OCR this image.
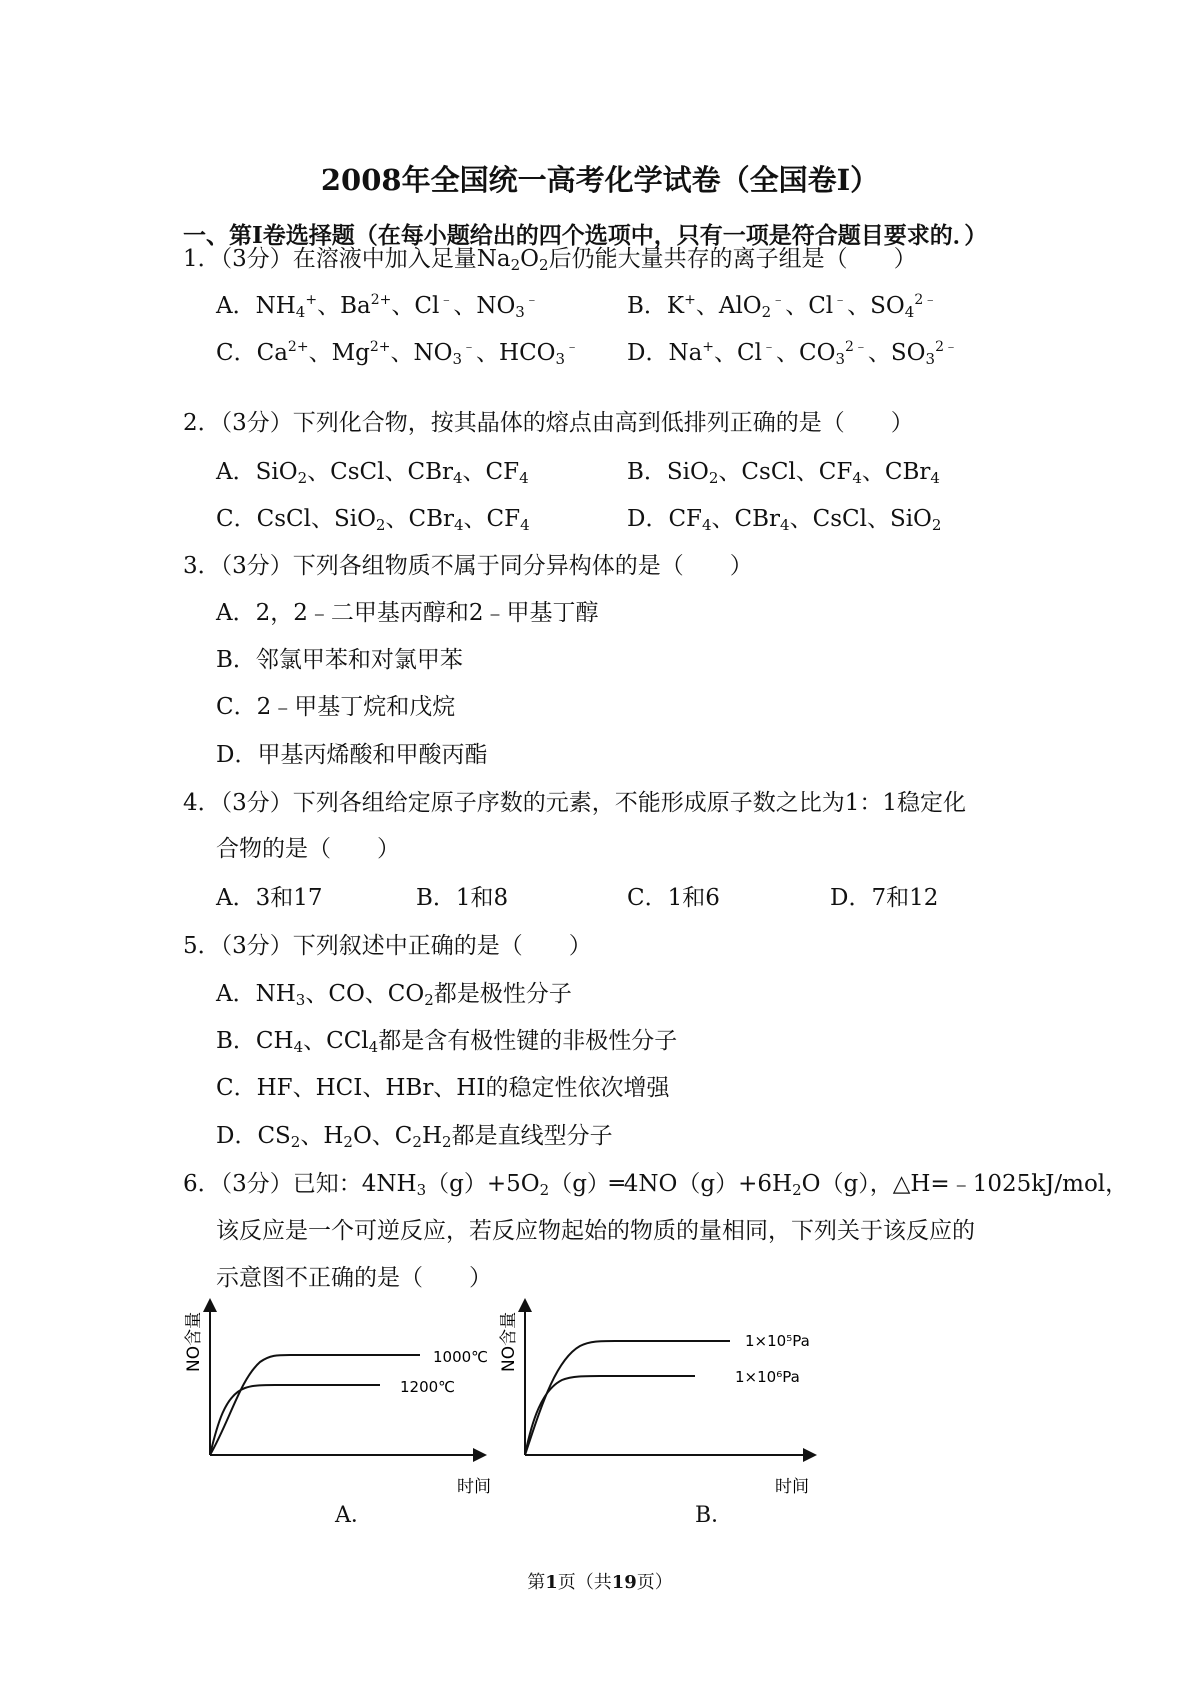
2008年全国统一高考化学试卷（全国卷Ⅰ）
一、第Ⅰ卷选择题（在每小题给出的四个选项中，只有一项是符合题目要求的．）
1．（3分）在溶液中加入足量$Na_2O_2$后仍能大量共存的离子组是（　　）
A．$NH_4^+$、$Ba^{2+}$、Cl﹣、$NO_3^﹣$	B．K+、AlO$_2$﹣、Cl﹣、$SO_4^{2﹣}$
C．$Ca^{2+}$、$Mg^{2+}$、$NO_3^﹣$、$HCO_3^﹣$ D．Na+、Cl﹣、$CO_3^{2﹣}$、$SO_3^{2﹣}$
2．（3分）下列化合物，按其晶体的熔点由高到低排列正确的是（　　）
A．SiO$_2$、CsCl、CBr$_4$、$CF_4$	B．SiO$_2$、CsCl、$CF_4$、CBr$_4$
C．CsCl、SiO$_2$、CBr$_4$、$CF_4$	D．$CF_4$、CBr$_4$、CsCl、SiO$_2$
3．（3分）下列各组物质不属于同分异构体的是（　　）
A．2，2﹣二甲基丙醇和2﹣甲基丁醇
B．邻氯甲苯和对氯甲苯
C．2﹣甲基丁烷和戊烷
D．甲基丙烯酸和甲酸丙酯
4．（3分）下列各组给定原子序数的元素，不能形成原子数之比为1：1稳定化
合物的是（　　）
A．3和17	B．1和8	C．1和6	D．7和12
5．（3分）下列叙述中正确的是（　　）
A．$NH_3$、CO、$CO_2$都是极性分子
B．$CH_4$、CCl$_4$都是含有极性键的非极性分子
C．HF、HCI、HBr、HI的稳定性依次增强
D．$CS_2$、$H_2O$、$C_2H_2$都是直线型分子
6．（3分）已知：$4NH_3(g)+5O_2(g)═4NO(g)+6H_2O(g)$，△H=﹣1025kJ/mol，
该反应是一个可逆反应，若反应物起始的物质的量相同，下列关于该反应的
示意图不正确的是（　　）
NO含量	1000℃
1200℃
时间
A．
NO含量	1×10⁵Pa
1×10⁶Pa
时间
B．
第1页（共19页）
